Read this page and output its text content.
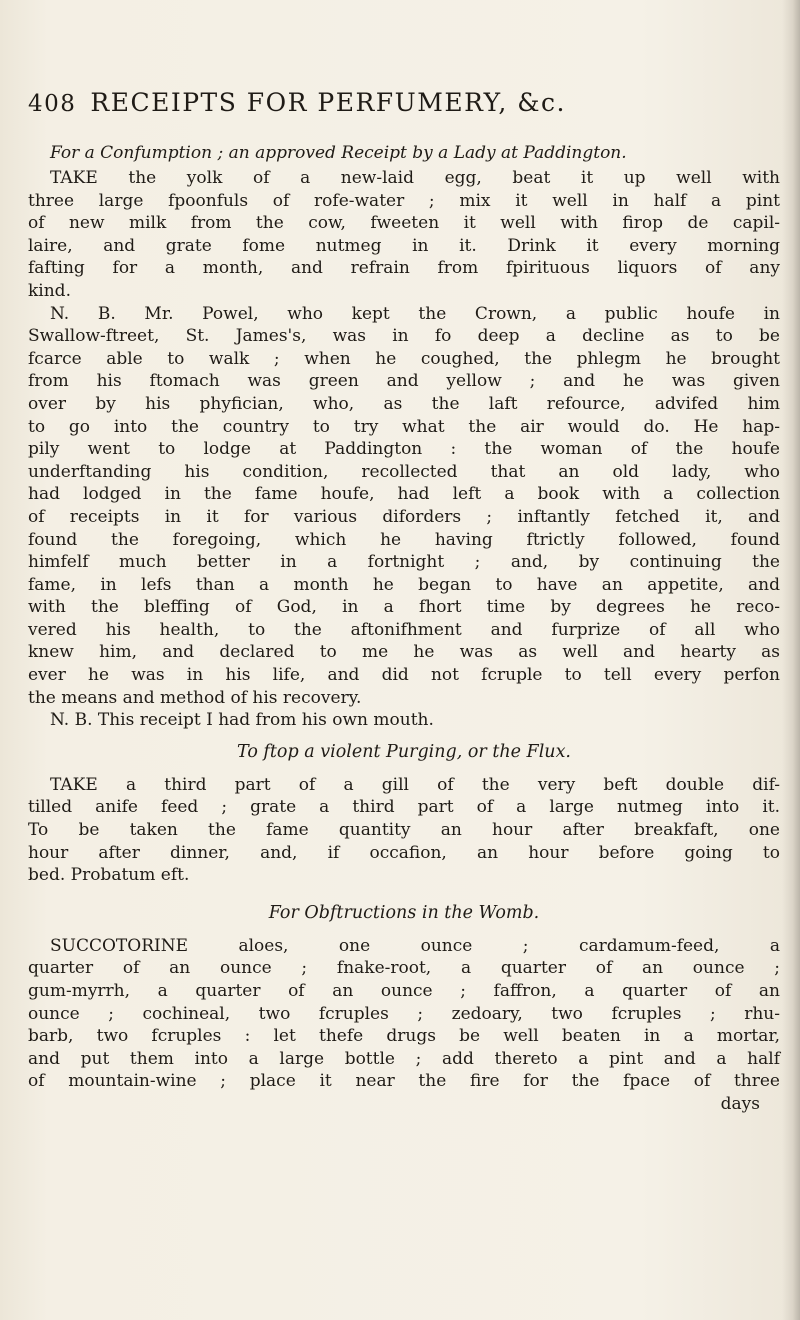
408 RECEIPTS FOR PERFUMERY, &c.
For a Confumption ; an approved Receipt by a Lady at Paddington.
TAKE the yolk of a new-laid egg, beat it up well with
three large fpoonfuls of rofe-water ; mix it well in half a pint
of new milk from the cow, fweeten it well with firop de capil-
laire, and grate fome nutmeg in it. Drink it every morning
fafting for a month, and refrain from fpirituous liquors of any
kind.
N. B. Mr. Powel, who kept the Crown, a public houfe in
Swallow-ftreet, St. James's, was in fo deep a decline as to be
fcarce able to walk ; when he coughed, the phlegm he brought
from his ftomach was green and yellow ; and he was given
over by his phyfician, who, as the laft refource, advifed him
to go into the country to try what the air would do. He hap-
pily went to lodge at Paddington : the woman of the houfe
underftanding his condition, recollected that an old lady, who
had lodged in the fame houfe, had left a book with a collection
of receipts in it for various diforders ; inftantly fetched it, and
found the foregoing, which he having ftrictly followed, found
himfelf much better in a fortnight ; and, by continuing the
fame, in lefs than a month he began to have an appetite, and
with the bleffing of God, in a fhort time by degrees he reco-
vered his health, to the aftonifhment and furprize of all who
knew him, and declared to me he was as well and hearty as
ever he was in his life, and did not fcruple to tell every perfon
the means and method of his recovery.
N. B. This receipt I had from his own mouth.
To ftop a violent Purging, or the Flux.
TAKE a third part of a gill of the very beft double dif-
tilled anife feed ; grate a third part of a large nutmeg into it.
To be taken the fame quantity an hour after breakfaft, one
hour after dinner, and, if occafion, an hour before going to
bed. Probatum eft.
For Obftructions in the Womb.
SUCCOTORINE aloes, one ounce ; cardamum-feed, a
quarter of an ounce ; fnake-root, a quarter of an ounce ;
gum-myrrh, a quarter of an ounce ; faffron, a quarter of an
ounce ; cochineal, two fcruples ; zedoary, two fcruples ; rhu-
barb, two fcruples : let thefe drugs be well beaten in a mortar,
and put them into a large bottle ; add thereto a pint and a half
of mountain-wine ; place it near the fire for the fpace of three
days
